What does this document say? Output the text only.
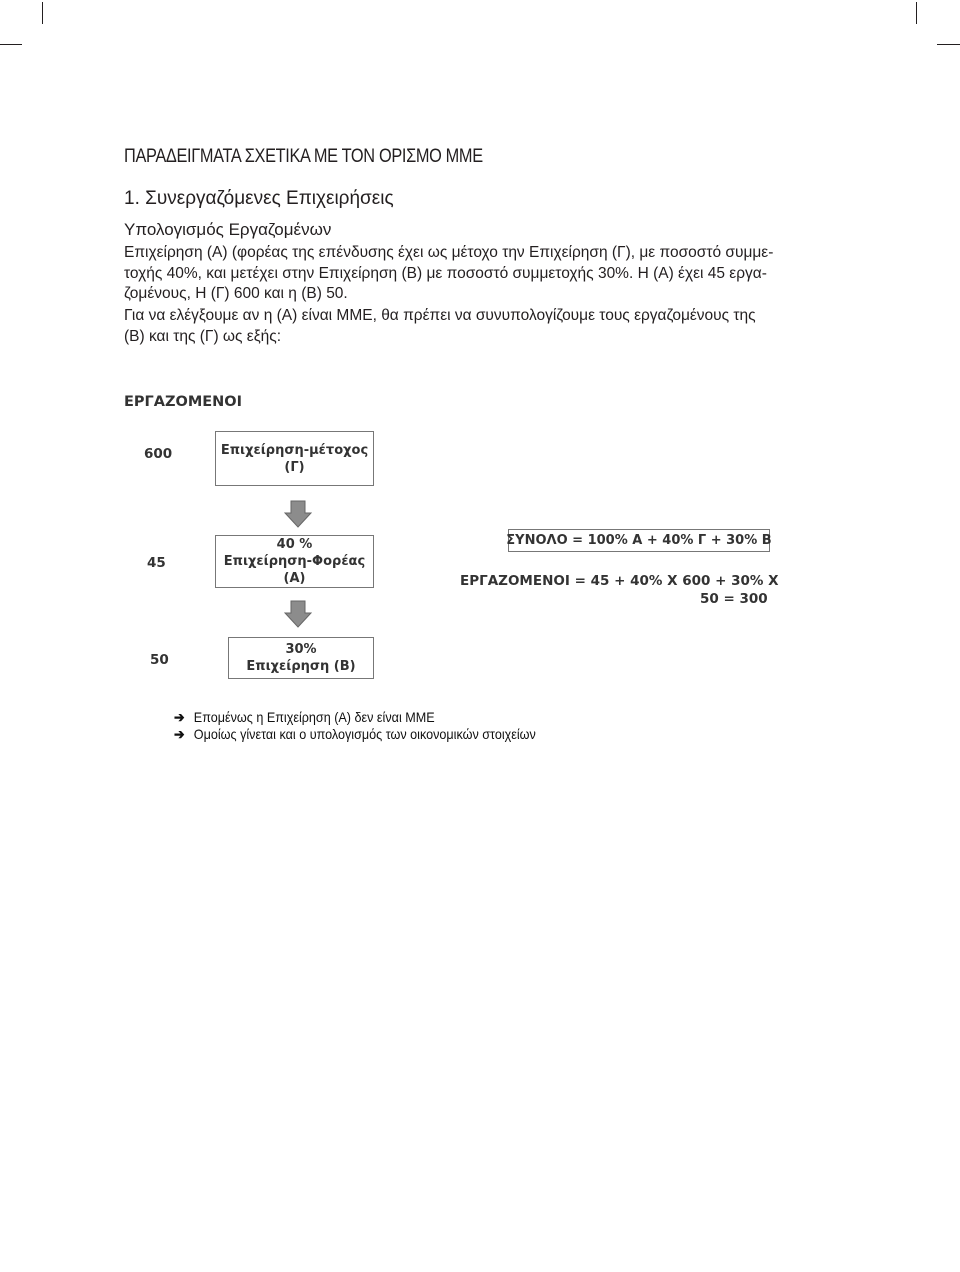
ΠΑΡΑΔΕΙΓΜΑΤΑ ΣΧΕΤΙΚΑ ΜΕ ΤΟΝ ΟΡΙΣΜΟ ΜΜΕ
1. Συνεργαζόμενες Επιχειρήσεις
Υπολογισμός Εργαζομένων
Επιχείρηση (Α) (φορέας της επένδυσης έχει ως μέτοχο την Επιχείρηση (Γ), με ποσοστό συμμε-
τοχής 40%, και μετέχει στην Επιχείρηση (Β) με ποσοστό συμμετοχής 30%. Η (Α) έχει 45 εργα-
ζομένους, Η (Γ) 600 και η (Β) 50.
Για να ελέγξουμε αν η (Α) είναι ΜΜΕ, θα πρέπει να συνυπολογίζουμε τους εργαζομένους της
(Β) και της (Γ) ως εξής:
ΕΡΓΑΖΟΜΕΝΟΙ
600	Επιχείρηση-μέτοχος
(Γ)
45
40 %
Επιχείρηση-Φορέας (Α)
50
30%
Επιχείρηση (Β)
ΣΥΝΟΛΟ = 100% Α + 40% Γ + 30% Β
ΕΡΓΑΖΟΜΕΝΟΙ = 45 + 40% Χ 600 + 30% Χ
50 = 300
➔ Επομένως η Επιχείρηση (Α) δεν είναι ΜΜΕ
➔ Ομοίως γίνεται και ο υπολογισμός των οικονομικών στοιχείων
